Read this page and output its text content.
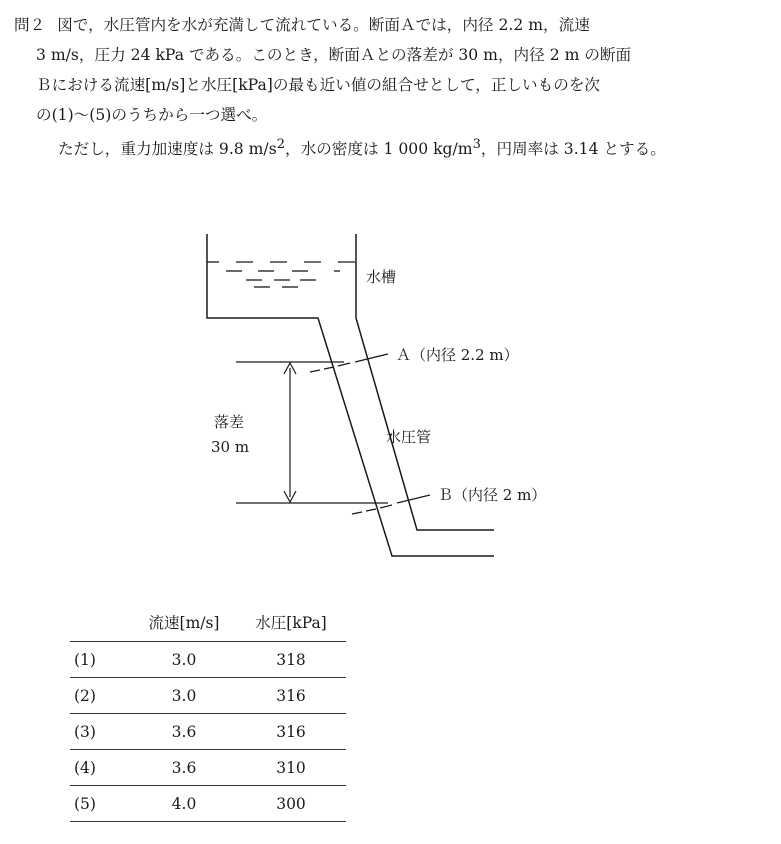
問２ 図で，水圧管内を水が充満して流れている。断面Ａでは，内径 2.2 m，流速

3 m/s，圧力 24 kPa である。このとき，断面Ａとの落差が 30 m，内径 2 m の断面

Ｂにおける流速[m/s]と水圧[kPa]の最も近い値の組合せとして，正しいものを次

の(1)～(5)のうちから一つ選べ。

ただし，重力加速度は 9.8 $m/s^2$，水の密度は 1 000 $kg/m^3$，円周率は 3.14 とする。

水槽
Ａ（内径 2.2 m）
水圧管
落差
30 m
Ｂ（内径 2 m）
	流速[m/s]	水圧[kPa]
(1)	3.0	318
(2)	3.0	316
(3)	3.6	316
(4)	3.6	310
(5)	4.0	300
